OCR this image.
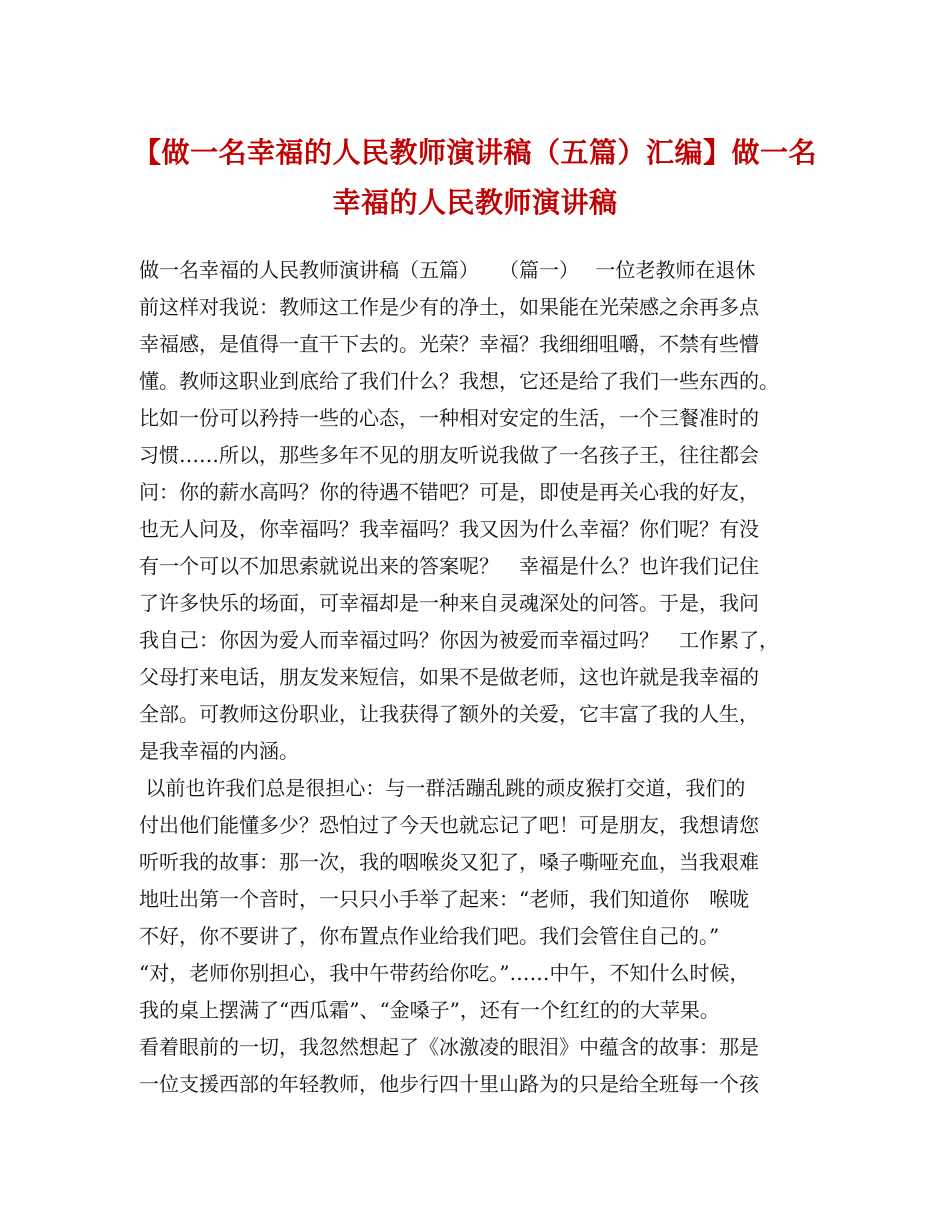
【做一名幸福的人民教师演讲稿（五篇）汇编】做一名
幸福的人民教师演讲稿
做一名幸福的人民教师演讲稿（五篇）　　（篇一）　 一位老教师在退休
前这样对我说：教师这工作是少有的净土，如果能在光荣感之余再多点
幸福感，是值得一直干下去的。光荣？幸福？我细细咀嚼，不禁有些懵
懂。教师这职业到底给了我们什么？我想，它还是给了我们一些东西的。
比如一份可以矜持一些的心态，一种相对安定的生活，一个三餐准时的
习惯……所以，那些多年不见的朋友听说我做了一名孩子王，往往都会
问：你的薪水高吗？你的待遇不错吧？可是，即使是再关心我的好友，
也无人问及，你幸福吗？我幸福吗？我又因为什么幸福？你们呢？有没
有一个可以不加思索就说出来的答案呢？　幸福是什么？也许我们记住
了许多快乐的场面，可幸福却是一种来自灵魂深处的问答。于是，我问
我自己：你因为爱人而幸福过吗？你因为被爱而幸福过吗？　工作累了，
父母打来电话，朋友发来短信，如果不是做老师，这也许就是我幸福的
全部。可教师这份职业，让我获得了额外的关爱，它丰富了我的人生，
是我幸福的内涵。
以前也许我们总是很担心：与一群活蹦乱跳的顽皮猴打交道，我们的
付出他们能懂多少？恐怕过了今天也就忘记了吧！可是朋友，我想请您
听听我的故事：那一次，我的咽喉炎又犯了，嗓子嘶哑充血，当我艰难
地吐出第一个音时，一只只小手举了起来：“老师，我们知道你　喉咙
不好，你不要讲了，你布置点作业给我们吧。我们会管住自己的。”
“对，老师你别担心，我中午带药给你吃。”……中午，不知什么时候，
我的桌上摆满了“西瓜霜”、“金嗓子”，还有一个红红的的大苹果。
看着眼前的一切，我忽然想起了《冰激凌的眼泪》中蕴含的故事：那是
一位支援西部的年轻教师，他步行四十里山路为的只是给全班每一个孩
